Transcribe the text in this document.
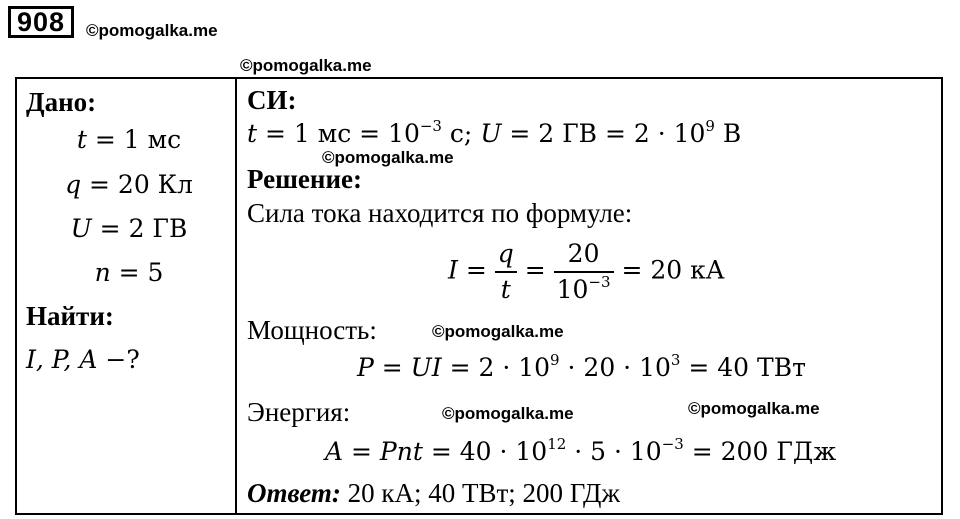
908	©pomogalka.me
©pomogalka.me
Дано:
t = 1 мс
q = 20 Кл
U = 2 ГВ
n = 5
Найти:
I, P, A −?
СИ:
t = 1 мс = $10^{-3}$ с; U = 2 ГВ = $2 \cdot 10^9$ В
©pomogalka.me
Решение:
Сила тока находится по формуле:
$I = \frac{q}{t} = \frac{20}{10^{-3}} = 20$ кА
Мощность:	©pomogalka.me
P = UI = $2 \cdot 10^9 \cdot 20 \cdot 10^3 = 40$ ТВт
Энергия:	©pomogalka.me	©pomogalka.me
A = Pnt = $40 \cdot 10^{12} \cdot 5 \cdot 10^{-3} = 200$ ГДж
Ответ: 20 кА; 40 ТВт; 200 ГДж
